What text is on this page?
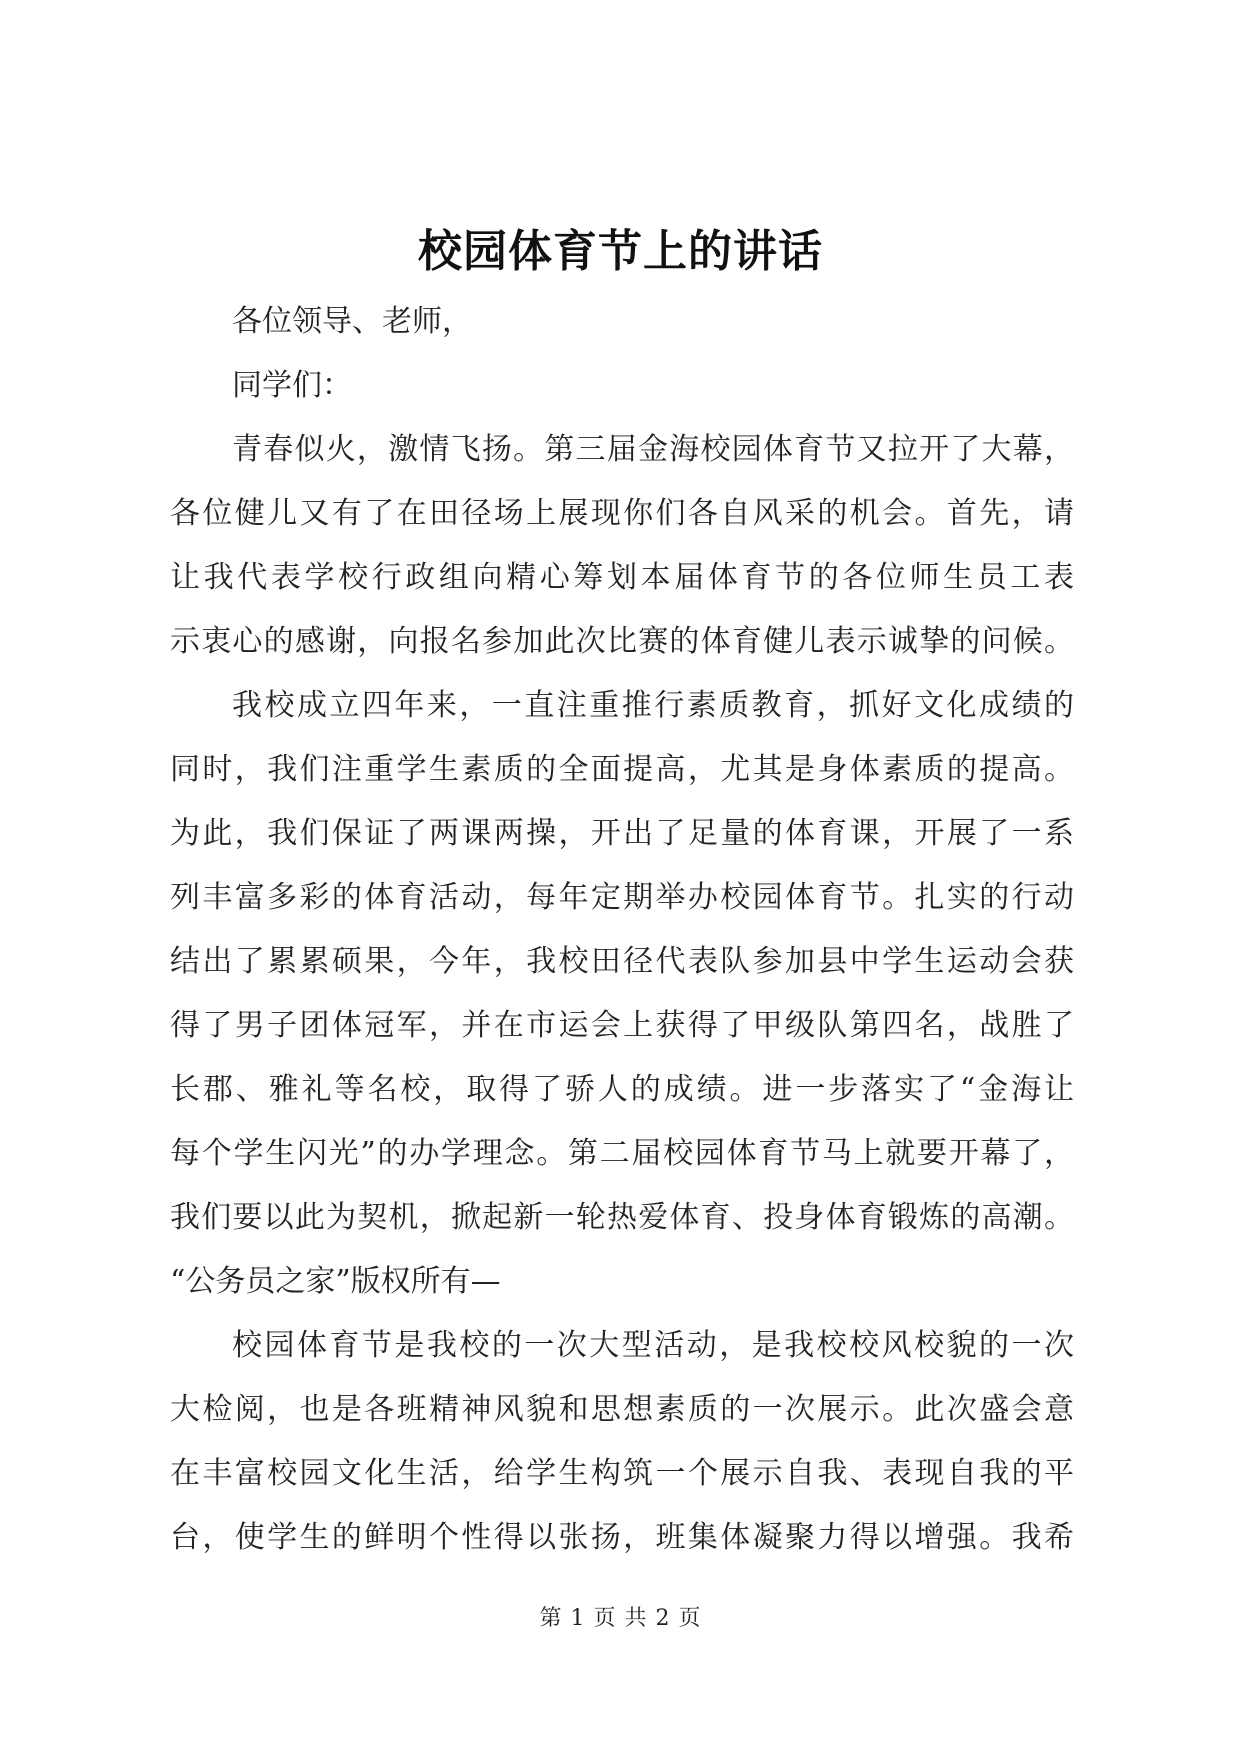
校园体育节上的讲话
各位领导、老师，
同学们：
青春似火，激情飞扬。第三届金海校园体育节又拉开了大幕，
各位健儿又有了在田径场上展现你们各自风采的机会。首先，请
让我代表学校行政组向精心筹划本届体育节的各位师生员工表
示衷心的感谢，向报名参加此次比赛的体育健儿表示诚挚的问候。
我校成立四年来，一直注重推行素质教育，抓好文化成绩的
同时，我们注重学生素质的全面提高，尤其是身体素质的提高。
为此，我们保证了两课两操，开出了足量的体育课，开展了一系
列丰富多彩的体育活动，每年定期举办校园体育节。扎实的行动
结出了累累硕果，今年，我校田径代表队参加县中学生运动会获
得了男子团体冠军，并在市运会上获得了甲级队第四名，战胜了
长郡、雅礼等名校，取得了骄人的成绩。进一步落实了“金海让
每个学生闪光”的办学理念。第二届校园体育节马上就要开幕了，
我们要以此为契机，掀起新一轮热爱体育、投身体育锻炼的高潮。
“公务员之家”版权所有—
校园体育节是我校的一次大型活动，是我校校风校貌的一次
大检阅，也是各班精神风貌和思想素质的一次展示。此次盛会意
在丰富校园文化生活，给学生构筑一个展示自我、表现自我的平
台，使学生的鲜明个性得以张扬，班集体凝聚力得以增强。我希
第 1 页 共 2 页
